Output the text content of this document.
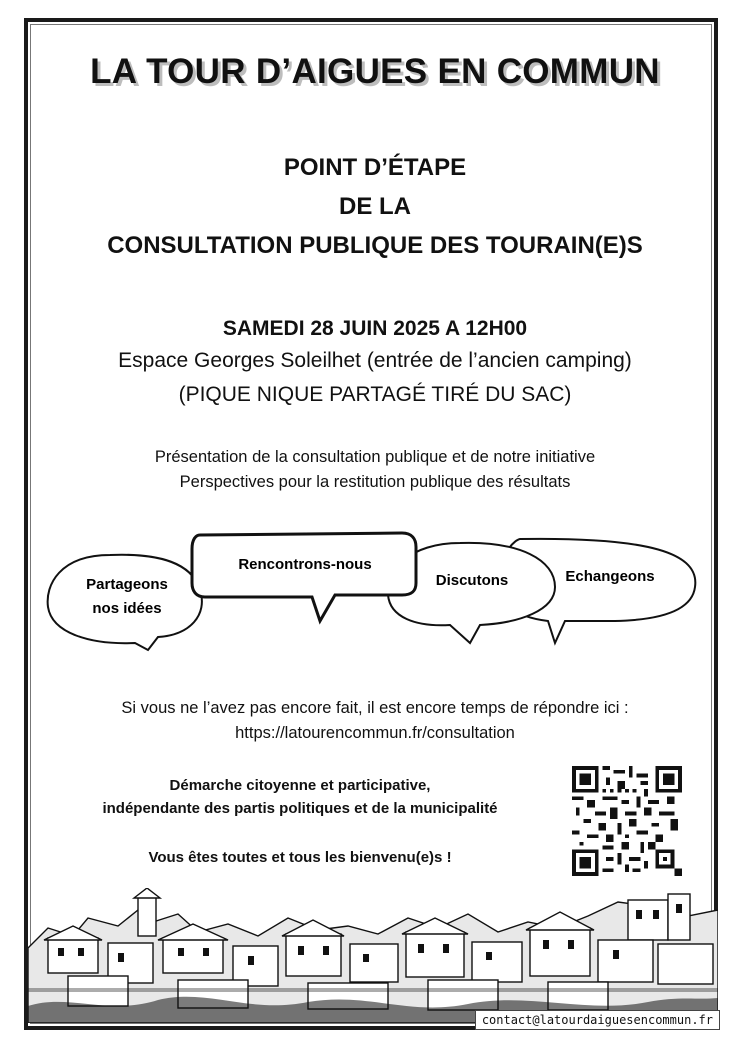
LA TOUR D’AIGUES EN COMMUN
POINT D’ÉTAPE
DE LA
CONSULTATION PUBLIQUE DES TOURAIN(E)S
SAMEDI 28 JUIN 2025 A 12H00
Espace Georges Soleilhet (entrée de l’ancien camping)
(PIQUE NIQUE PARTAGÉ TIRÉ DU SAC)
Présentation de la consultation publique et de notre initiative
Perspectives pour la restitution publique des résultats
Partageons
nos idées
Rencontrons-nous
Discutons	Echangeons
Si vous ne l’avez pas encore fait, il est encore temps de répondre ici :
https://latourencommun.fr/consultation
Démarche citoyenne et participative,
indépendante des partis politiques et de la municipalité
Vous êtes toutes et tous les bienvenu(e)s !
contact@latourdaiguesencommun.fr
